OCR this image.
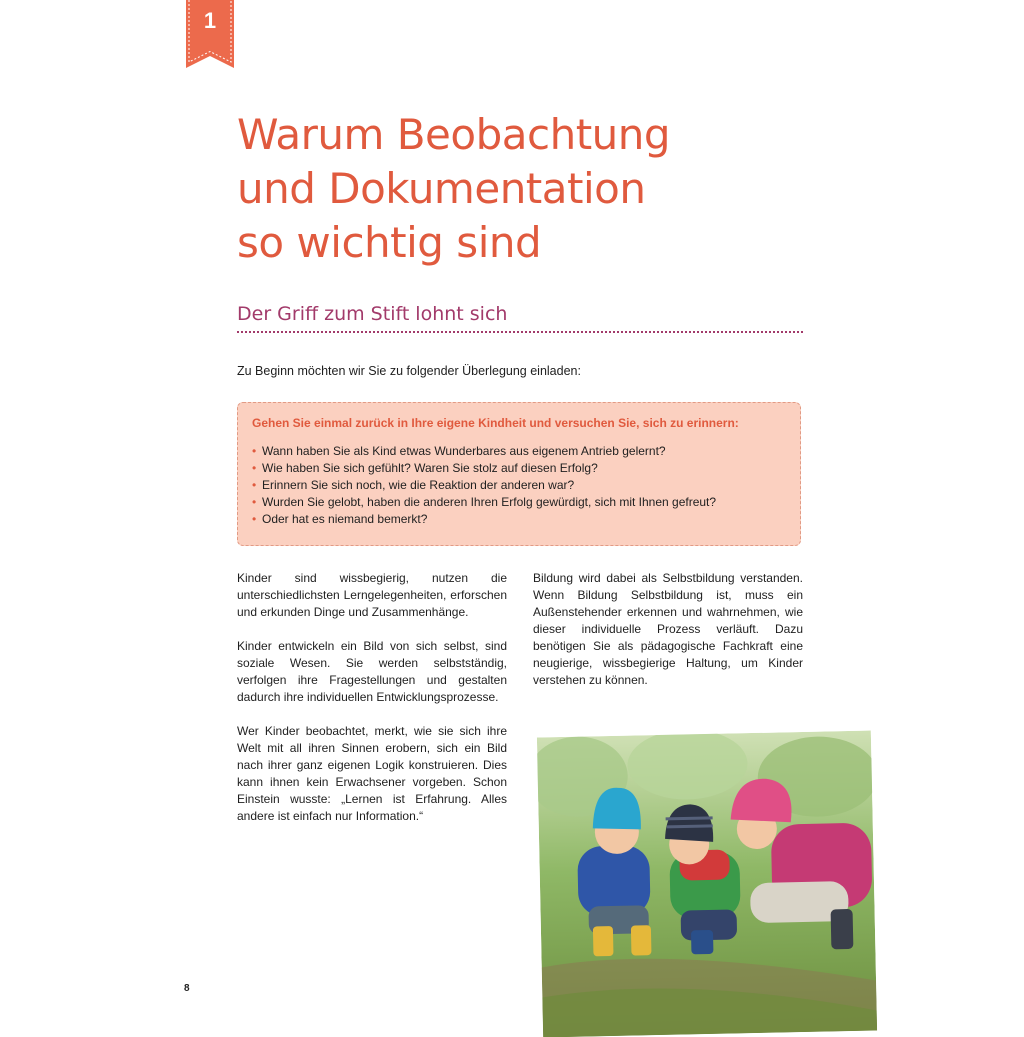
1
Warum Beobachtung
und Dokumentation
so wichtig sind
Der Griff zum Stift lohnt sich

Zu Beginn möchten wir Sie zu folgender Überlegung einladen:

Gehen Sie einmal zurück in Ihre eigene Kindheit und versuchen Sie, sich zu erinnern:

• Wann haben Sie als Kind etwas Wunderbares aus eigenem Antrieb gelernt?
• Wie haben Sie sich gefühlt? Waren Sie stolz auf diesen Erfolg?
• Erinnern Sie sich noch, wie die Reaktion der anderen war?
• Wurden Sie gelobt, haben die anderen Ihren Erfolg gewürdigt, sich mit Ihnen gefreut?
• Oder hat es niemand bemerkt?

Kinder sind wissbegierig, nutzen die unterschiedlichsten Lerngelegenheiten, erforschen und erkunden Dinge und Zusammenhänge.

Kinder entwickeln ein Bild von sich selbst, sind soziale Wesen. Sie werden selbstständig, verfolgen ihre Fragestellungen und gestalten dadurch ihre individuellen Entwicklungsprozesse.

Wer Kinder beobachtet, merkt, wie sie sich ihre Welt mit all ihren Sinnen erobern, sich ein Bild nach ihrer ganz eigenen Logik konstruieren. Dies kann ihnen kein Erwachsener vorgeben. Schon Einstein wusste: „Lernen ist Erfahrung. Alles andere ist einfach nur Information.“

Bildung wird dabei als Selbstbildung verstanden. Wenn Bildung Selbstbildung ist, muss ein Außenstehender erkennen und wahrnehmen, wie dieser individuelle Prozess verläuft. Dazu benötigen Sie als pädagogische Fachkraft eine neugierige, wissbegierige Haltung, um Kinder verstehen zu können.

8
